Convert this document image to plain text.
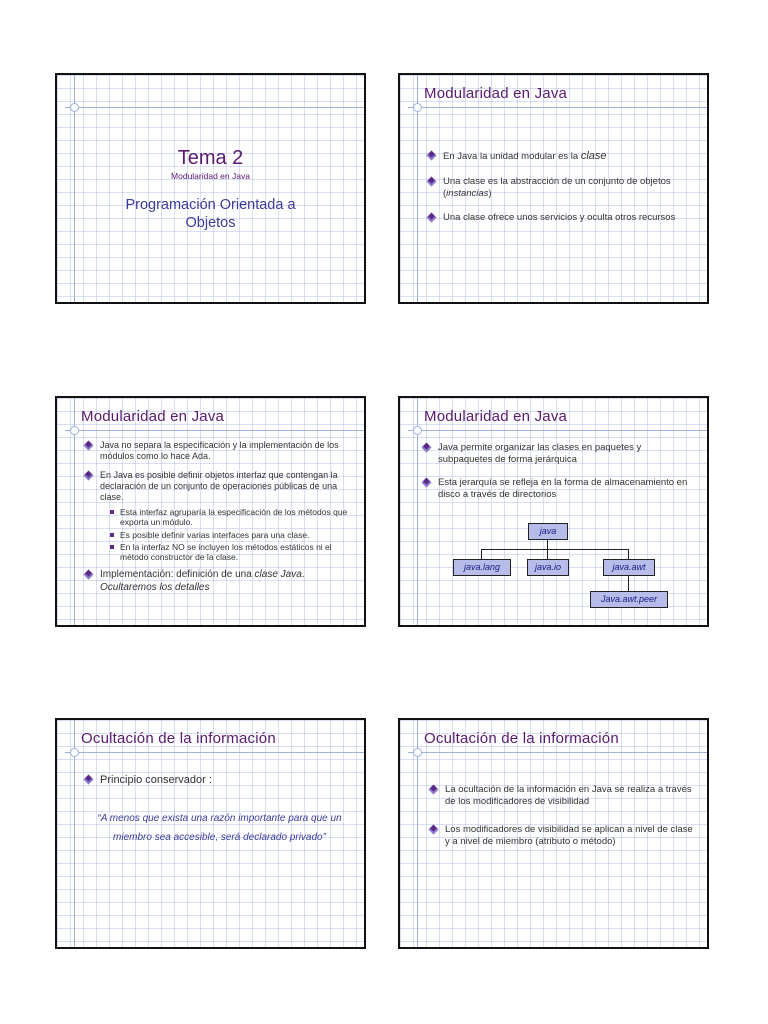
Tema 2
Modularidad en Java
Programación Orientada a
Objetos
Modularidad en Java
En Java la unidad modular es la clase
Una clase es la abstracción de un conjunto de objetos (instancias)
Una clase ofrece unos servicios y oculta otros recursos
Modularidad en Java
Java no separa la especificación y la implementación de los módulos como lo hace Ada.
En Java es posible definir objetos interfaz que contengan la declaración de un conjunto de operaciones públicas de una clase.
Esta interfaz agruparía la especificación de los métodos que exporta un módulo.
Es posible definir varias interfaces para una clase.
En la interfaz NO se incluyen los métodos estáticos ni el método constructor de la clase.
Implementación: definición de una clase Java.
Ocultaremos los detalles
Modularidad en Java
Java permite organizar las clases en paquetes y subpaquetes de forma jerárquica
Esta jerarquía se refleja en la forma de almacenamiento en disco a través de directorios
java
java.lang	java.io	java.awt
Java.awt.peer
Ocultación de la información
Principio conservador :
“A menos que exista una razón importante para que un miembro sea accesible, será declarado privado”
Ocultación de la información
La ocultación de la información en Java se realiza a través de los modificadores de visibilidad
Los modificadores de visibilidad se aplican a nivel de clase y a nivel de miembro (atributo o método)
